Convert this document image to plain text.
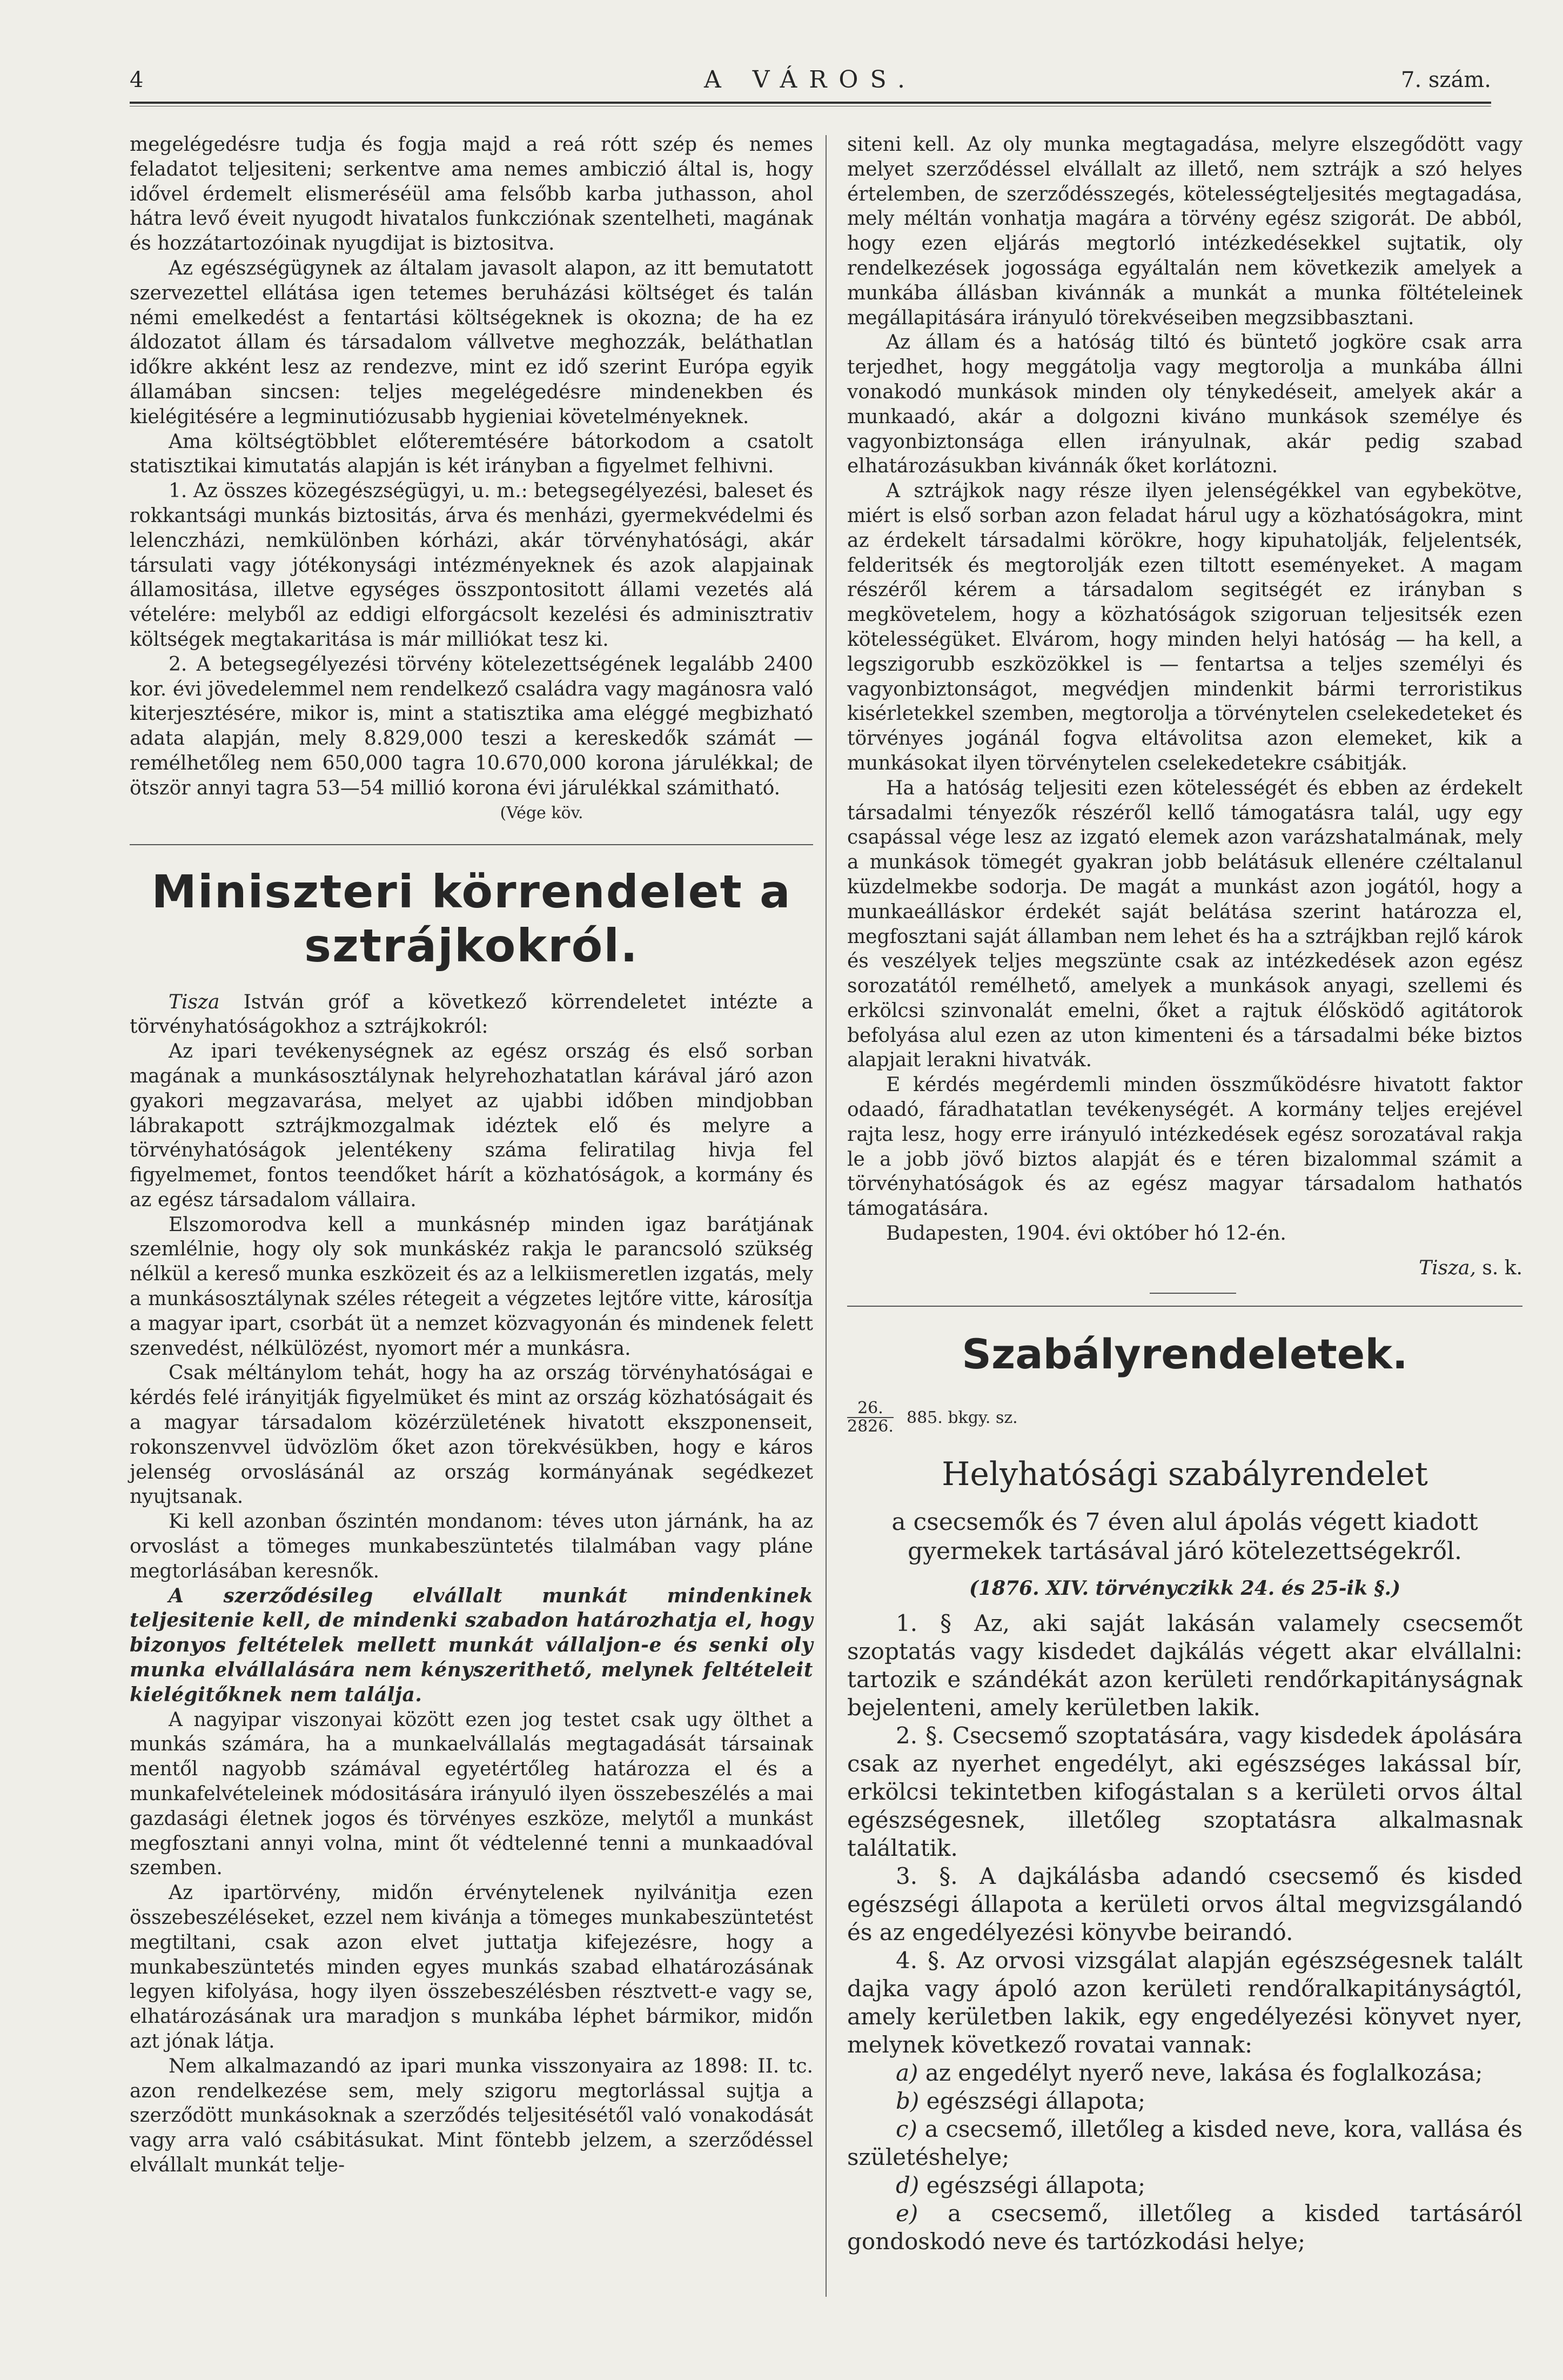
4	A VÁROS.	7. szám.

megelégedésre tudja és fogja majd a reá rótt szép és nemes feladatot teljesiteni; serkentve ama nemes ambiczió által is, hogy idővel érdemelt elismeréséül ama felsőbb karba juthasson, ahol hátra levő éveit nyugodt hivatalos funkcziónak szentelheti, magának és hozzátartozóinak nyugdijat is biztositva.

Az egészségügynek az általam javasolt alapon, az itt bemutatott szervezettel ellátása igen tetemes beruházási költséget és talán némi emelkedést a fentartási költségeknek is okozna; de ha ez áldozatot állam és társadalom vállvetve meghozzák, beláthatlan időkre akként lesz az rendezve, mint ez idő szerint Európa egyik államában sincsen: teljes megelégedésre mindenekben és kielégitésére a legminutiózusabb hygieniai követelményeknek.

Ama költségtöbblet előteremtésére bátorkodom a csatolt statisztikai kimutatás alapján is két irányban a figyelmet felhivni.

1. Az összes közegészségügyi, u. m.: betegsegélyezési, baleset és rokkantsági munkás biztositás, árva és menházi, gyermekvédelmi és lelenczházi, nemkülönben kórházi, akár törvényhatósági, akár társulati vagy jótékonysági intézményeknek és azok alapjainak államositása, illetve egységes összpontositott állami vezetés alá vételére: melyből az eddigi elforgácsolt kezelési és adminisztrativ költségek megtakaritása is már milliókat tesz ki.

2. A betegsegélyezési törvény kötelezettségének legalább 2400 kor. évi jövedelemmel nem rendelkező családra vagy magánosra való kiterjesztésére, mikor is, mint a statisztika ama eléggé megbizható adata alapján, mely 8.829,000 teszi a kereskedők számát — remélhetőleg nem 650,000 tagra 10.670,000 korona járulékkal; de ötször annyi tagra 53—54 millió korona évi járulékkal számitható.

(Vége köv.

Miniszteri körrendelet a sztrájkokról.

Tisza István gróf a következő körrendeletet intézte a törvényhatóságokhoz a sztrájkokról:

Az ipari tevékenységnek az egész ország és első sorban magának a munkásosztálynak helyrehozhatatlan kárával járó azon gyakori megzavarása, melyet az ujabbi időben mindjobban lábrakapott sztrájkmozgalmak idéztek elő és melyre a törvényhatóságok jelentékeny száma feliratilag hivja fel figyelmemet, fontos teendőket hárít a közhatóságok, a kormány és az egész társadalom vállaira.

Elszomorodva kell a munkásnép minden igaz barátjának szemlélnie, hogy oly sok munkáskéz rakja le parancsoló szükség nélkül a kereső munka eszközeit és az a lelkiismeretlen izgatás, mely a munkásosztálynak széles rétegeit a végzetes lejtőre vitte, károsítja a magyar ipart, csorbát üt a nemzet közvagyonán és mindenek felett szenvedést, nélkülözést, nyomort mér a munkásra.

Csak méltánylom tehát, hogy ha az ország törvényhatóságai e kérdés felé irányitják figyelmüket és mint az ország közhatóságait és a magyar társadalom közérzületének hivatott ekszponenseit, rokonszenvvel üdvözlöm őket azon törekvésükben, hogy e káros jelenség orvoslásánál az ország kormányának segédkezet nyujtsanak.

Ki kell azonban őszintén mondanom: téves uton járnánk, ha az orvoslást a tömeges munkabeszüntetés tilalmában vagy pláne megtorlásában keresnők.

A szerződésileg elvállalt munkát mindenkinek teljesitenie kell, de mindenki szabadon határozhatja el, hogy bizonyos feltételek mellett munkát vállaljon-e és senki oly munka elvállalására nem kényszerithető, melynek feltételeit kielégitőknek nem találja.

A nagyipar viszonyai között ezen jog testet csak ugy ölthet a munkás számára, ha a munkaelvállalás megtagadását társainak mentől nagyobb számával egyetértőleg határozza el és a munkafelvételeinek módositására irányuló ilyen összebeszélés a mai gazdasági életnek jogos és törvényes eszköze, melytől a munkást megfosztani annyi volna, mint őt védtelenné tenni a munkaadóval szemben.

Az ipartörvény, midőn érvénytelenek nyilvánitja ezen összebeszéléseket, ezzel nem kivánja a tömeges munkabeszüntetést megtiltani, csak azon elvet juttatja kifejezésre, hogy a munkabeszüntetés minden egyes munkás szabad elhatározásának legyen kifolyása, hogy ilyen összebeszélésben résztvett-e vagy se, elhatározásának ura maradjon s munkába léphet bármikor, midőn azt jónak látja.

Nem alkalmazandó az ipari munka visszonyaira az 1898: II. tc. azon rendelkezése sem, mely szigoru megtorlással sujtja a szerződött munkásoknak a szerződés teljesitésétől való vonakodását vagy arra való csábitásukat. Mint föntebb jelzem, a szerződéssel elvállalt munkát telje-

siteni kell. Az oly munka megtagadása, melyre elszegődött vagy melyet szerződéssel elvállalt az illető, nem sztrájk a szó helyes értelemben, de szerződésszegés, kötelességteljesités megtagadása, mely méltán vonhatja magára a törvény egész szigorát. De abból, hogy ezen eljárás megtorló intézkedésekkel sujtatik, oly rendelkezések jogossága egyáltalán nem következik amelyek a munkába állásban kivánnák a munkát a munka föltételeinek megállapitására irányuló törekvéseiben megzsibbasztani.

Az állam és a hatóság tiltó és büntető jogköre csak arra terjedhet, hogy meggátolja vagy megtorolja a munkába állni vonakodó munkások minden oly ténykedéseit, amelyek akár a munkaadó, akár a dolgozni kiváno munkások személye és vagyonbiztonsága ellen irányulnak, akár pedig szabad elhatározásukban kivánnák őket korlátozni.

A sztrájkok nagy része ilyen jelenségékkel van egybekötve, miért is első sorban azon feladat hárul ugy a közhatóságokra, mint az érdekelt társadalmi körökre, hogy kipuhatolják, feljelentsék, felderitsék és megtorolják ezen tiltott eseményeket. A magam részéről kérem a társadalom segitségét ez irányban s megkövetelem, hogy a közhatóságok szigoruan teljesitsék ezen kötelességüket. Elvárom, hogy minden helyi hatóság — ha kell, a legszigorubb eszközökkel is — fentartsa a teljes személyi és vagyonbiztonságot, megvédjen mindenkit bármi terroristikus kisérletekkel szemben, megtorolja a törvénytelen cselekedeteket és törvényes jogánál fogva eltávolitsa azon elemeket, kik a munkásokat ilyen törvénytelen cselekedetekre csábitják.

Ha a hatóság teljesiti ezen kötelességét és ebben az érdekelt társadalmi tényezők részéről kellő támogatásra talál, ugy egy csapással vége lesz az izgató elemek azon varázshatalmának, mely a munkások tömegét gyakran jobb belátásuk ellenére czéltalanul küzdelmekbe sodorja. De magát a munkást azon jogától, hogy a munkaeálláskor érdekét saját belátása szerint határozza el, megfosztani saját államban nem lehet és ha a sztrájkban rejlő károk és veszélyek teljes megszünte csak az intézkedések azon egész sorozatától remélhető, amelyek a munkások anyagi, szellemi és erkölcsi szinvonalát emelni, őket a rajtuk élősködő agitátorok befolyása alul ezen az uton kimenteni és a társadalmi béke biztos alapjait lerakni hivatvák.

E kérdés megérdemli minden összműködésre hivatott faktor odaadó, fáradhatatlan tevékenységét. A kormány teljes erejével rajta lesz, hogy erre irányuló intézkedések egész sorozatával rakja le a jobb jövő biztos alapját és e téren bizalommal számit a törvényhatóságok és az egész magyar társadalom hathatós támogatására.

Budapesten, 1904. évi október hó 12-én.

Tisza, s. k.

Szabályrendeletek.
$\frac{26.}{2826.} 885$. bkgy. sz.
Helyhatósági szabályrendelet
a csecsemők és 7 éven alul ápolás végett kiadott gyermekek tartásával járó kötelezettségekről.
(1876. XIV. törvényczikk 24. és 25-ik §.)

1. § Az, aki saját lakásán valamely csecsemőt szoptatás vagy kisdedet dajkálás végett akar elvállalni: tartozik e szándékát azon kerületi rendőrkapitányságnak bejelenteni, amely kerületben lakik.

2. §. Csecsemő szoptatására, vagy kisdedek ápolására csak az nyerhet engedélyt, aki egészséges lakással bír, erkölcsi tekintetben kifogástalan s a kerületi orvos által egészségesnek, illetőleg szoptatásra alkalmasnak találtatik.

3. §. A dajkálásba adandó csecsemő és kisded egészségi állapota a kerületi orvos által megvizsgálandó és az engedélyezési könyvbe beirandó.

4. §. Az orvosi vizsgálat alapján egészségesnek talált dajka vagy ápoló azon kerületi rendőralkapitányságtól, amely kerületben lakik, egy engedélyezési könyvet nyer, melynek következő rovatai vannak:

a) az engedélyt nyerő neve, lakása és foglalkozása;

b) egészségi állapota;

c) a csecsemő, illetőleg a kisded neve, kora, vallása és születéshelye;

d) egészségi állapota;

e) a csecsemő, illetőleg a kisded tartásáról gondoskodó neve és tartózkodási helye;
